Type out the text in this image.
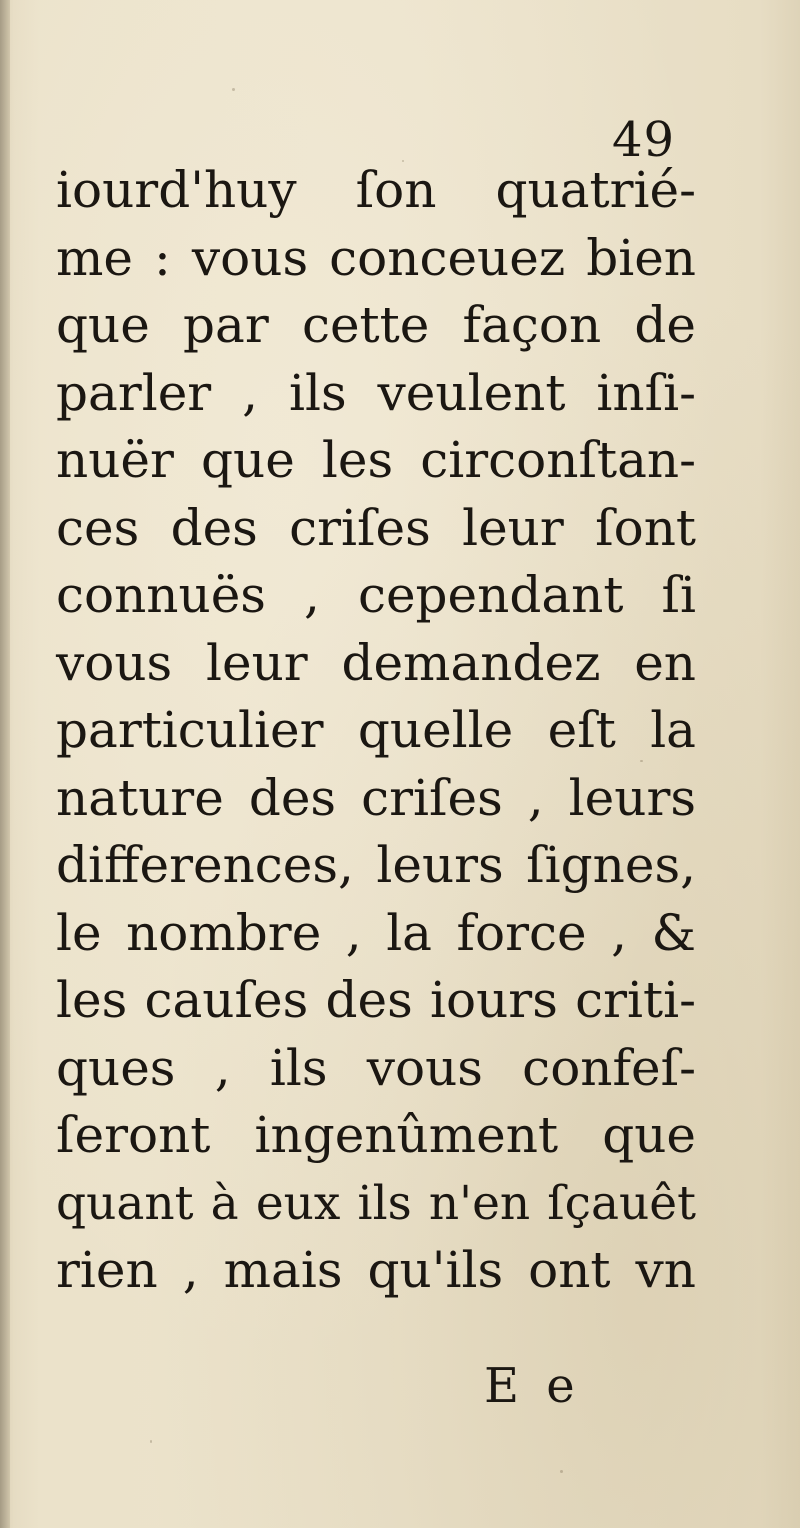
49
iourd'huy ſon quatrié-
me : vous conceuez bien
que par cette façon de
parler , ils veulent inſi-
nuër que les circonſtan-
ces des criſes leur ſont
connuës , cependant ſi
vous leur demandez en
particulier quelle eſt la
nature des criſes , leurs
differences, leurs ſignes,
le nombre , la force , &
les cauſes des iours criti-
ques , ils vous confeſ-
ſeront ingenûment que
quant à eux ils n'en ſçauêt
rien , mais qu'ils ont vn
E e
